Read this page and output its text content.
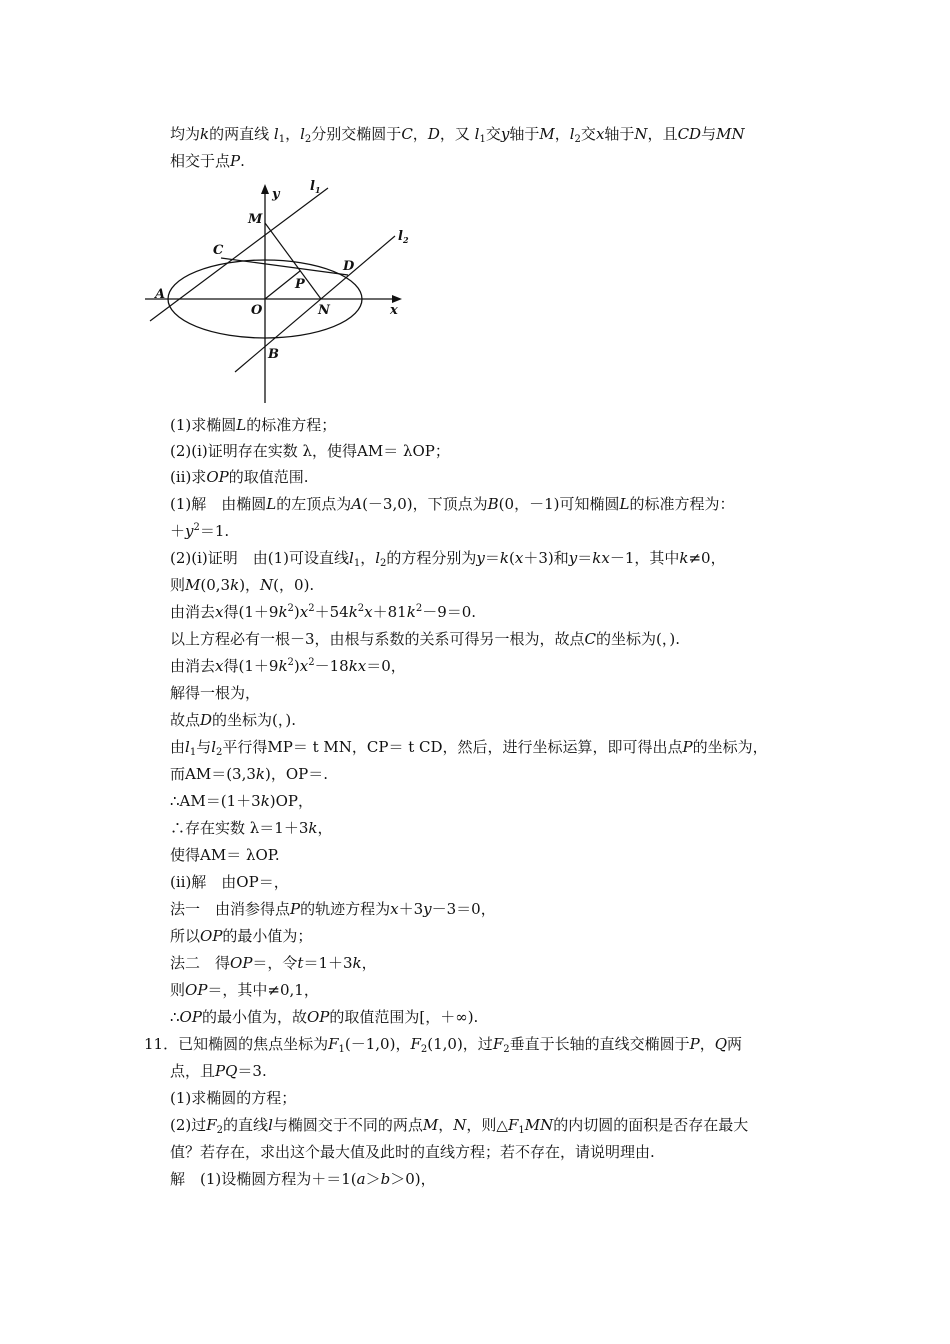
均为k的两直线 $l_1$，$l_2$分别交椭圆于C，D，又 $l_1$交y轴于M，$l_2$交x轴于N，且CD与MN
相交于点P.
y
$l_1$
$l_2$
M
C
D
A
P
O	N	x
B
(1)求椭圆L的标准方程；
(2)(ⅰ)证明存在实数 λ，使得AM＝ λOP；
(ⅱ)求OP的取值范围.
(1)解　由椭圆L的左顶点为A(－3,0)，下顶点为B(0，－1)可知椭圆L的标准方程为：
$+y^2=1$.
(2)(ⅰ)证明　由(1)可设直线$l_1$，$l_2$的方程分别为y＝k(x＋3)和y＝kx－1，其中k≠0，
则M(0,3k)，N(，0).
由消去x得$(1+9k^2)x^2+54k^2x+81k^2-9=0$.
以上方程必有一根－3，由根与系数的关系可得另一根为，故点C的坐标为(，).
由消去x得$(1+9k^2)x^2-18kx=0$，
解得一根为，
故点D的坐标为(，).
由$l_1$与$l_2$平行得MP＝ t MN，CP＝ t CD，然后，进行坐标运算，即可得出点P的坐标为，
而AM＝(3,3k)，OP＝.
∴AM＝(1＋3k)OP，
∴存在实数 λ＝1＋3k，
使得AM＝ λOP.
(ⅱ)解　由OP＝，
法一　由消参得点P的轨迹方程为x＋3y－3＝0，
所以OP的最小值为；
法二　得OP＝，令t＝1＋3k，
则OP＝，其中≠0,1，
∴OP的最小值为，故OP的取值范围为[，＋∞).
11．已知椭圆的焦点坐标为$F_1(-1,0)$，$F_2(1,0)$，过$F_2$垂直于长轴的直线交椭圆于P，Q两
点，且PQ＝3.
(1)求椭圆的方程；
(2)过$F_2$的直线l与椭圆交于不同的两点M，N，则$\triangle F_1MN$的内切圆的面积是否存在最大
值？若存在，求出这个最大值及此时的直线方程；若不存在，请说明理由.
解　(1)设椭圆方程为＋＝1(a＞b＞0)，
